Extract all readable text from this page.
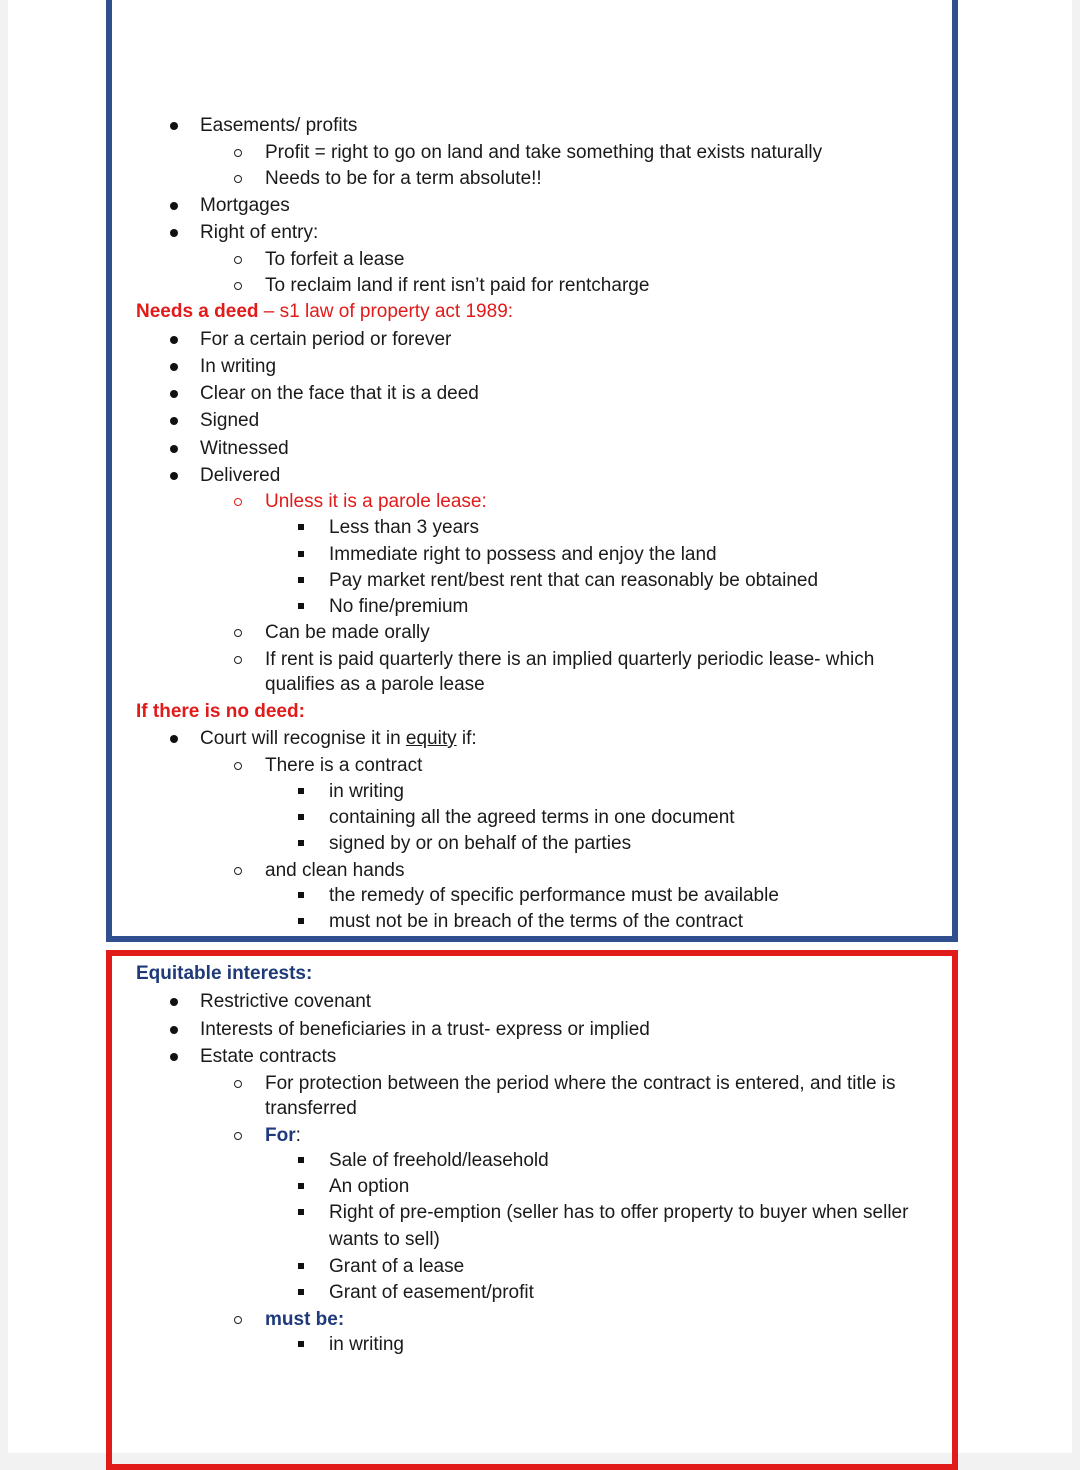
Easements/ profits
Profit = right to go on land and take something that exists naturally
Needs to be for a term absolute!!
Mortgages
Right of entry:
To forfeit a lease
To reclaim land if rent isn’t paid for rentcharge
Needs a deed – s1 law of property act 1989:
For a certain period or forever
In writing
Clear on the face that it is a deed
Signed
Witnessed
Delivered
Unless it is a parole lease:
Less than 3 years
Immediate right to possess and enjoy the land
Pay market rent/best rent that can reasonably be obtained
No fine/premium
Can be made orally
If rent is paid quarterly there is an implied quarterly periodic lease- which
qualifies as a parole lease
If there is no deed:
Court will recognise it in equity if:
There is a contract
in writing
containing all the agreed terms in one document
signed by or on behalf of the parties
and clean hands
the remedy of specific performance must be available
must not be in breach of the terms of the contract
Equitable interests:
Restrictive covenant
Interests of beneficiaries in a trust- express or implied
Estate contracts
For protection between the period where the contract is entered, and title is
transferred
For:
Sale of freehold/leasehold
An option
Right of pre-emption (seller has to offer property to buyer when seller
wants to sell)
Grant of a lease
Grant of easement/profit
must be:
in writing
